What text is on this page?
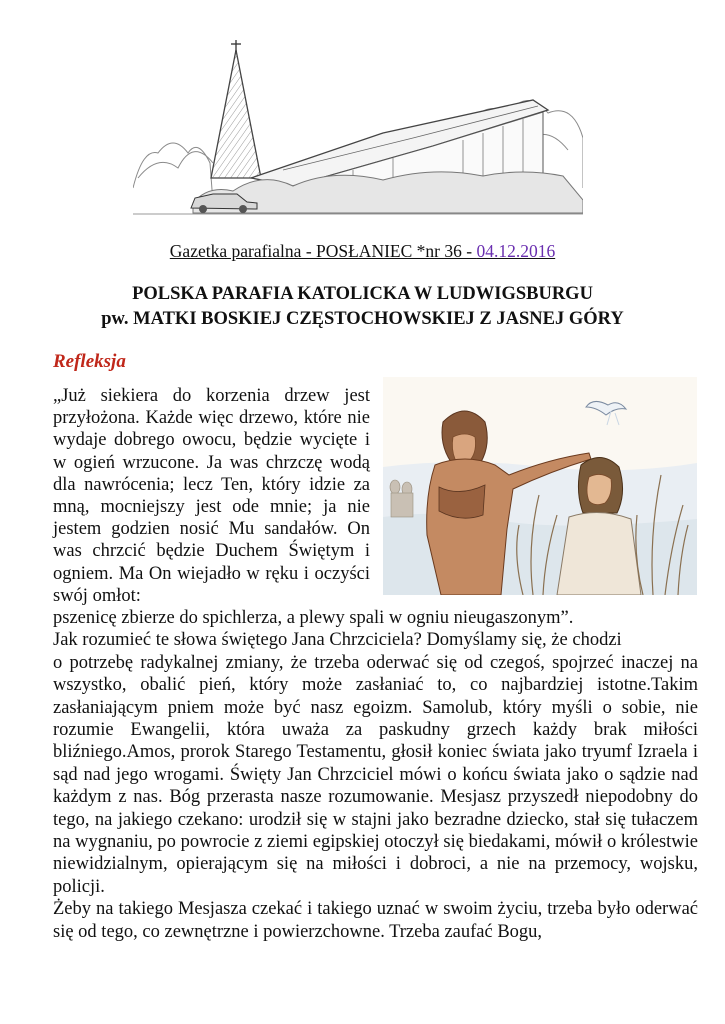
Gazetka parafialna - POSŁANIEC *nr 36 - 04.12.2016
POLSKA PARAFIA KATOLICKA W LUDWIGSBURGU
pw. MATKI BOSKIEJ CZĘSTOCHOWSKIEJ Z JASNEJ GÓRY
Refleksja
„Już siekiera do korzenia drzew jest przyłożona. Każde więc drzewo, które nie wydaje dobrego owocu, będzie wycięte i w ogień wrzucone. Ja was chrzczę wodą dla nawrócenia; lecz Ten, który idzie za mną, mocniejszy jest ode mnie; ja nie jestem godzien nosić Mu sandałów. On was chrzcić będzie Duchem Świętym i ogniem. Ma On wiejadło w ręku i oczyści swój omłot:

pszenicę zbierze do spichlerza, a plewy spali w ogniu nieugaszonym”.

Jak rozumieć te słowa świętego Jana Chrzciciela? Domyślamy się, że chodzi

o potrzebę radykalnej zmiany, że trzeba oderwać się od czegoś, spojrzeć inaczej na wszystko, obalić pień, który może zasłaniać to, co najbardziej istotne.Takim zasłaniającym pniem może być nasz egoizm. Samolub, który myśli o sobie, nie rozumie Ewangelii, która uważa za paskudny grzech każdy brak miłości bliźniego.Amos, prorok Starego Testamentu, głosił koniec świata jako tryumf Izraela i sąd nad jego wrogami. Święty Jan Chrzciciel mówi o końcu świata jako o sądzie nad każdym z nas. Bóg przerasta nasze rozumowanie. Mesjasz przyszedł niepodobny do tego, na jakiego czekano: urodził się w stajni jako bezradne dziecko, stał się tułaczem na wygnaniu, po powrocie z ziemi egipskiej otoczył się biedakami, mówił o królestwie niewidzialnym, opierającym się na miłości i dobroci, a nie na przemocy, wojsku, policji.

Żeby na takiego Mesjasza czekać i takiego uznać w swoim życiu, trzeba było oderwać się od tego, co zewnętrzne i powierzchowne. Trzeba zaufać Bogu,
